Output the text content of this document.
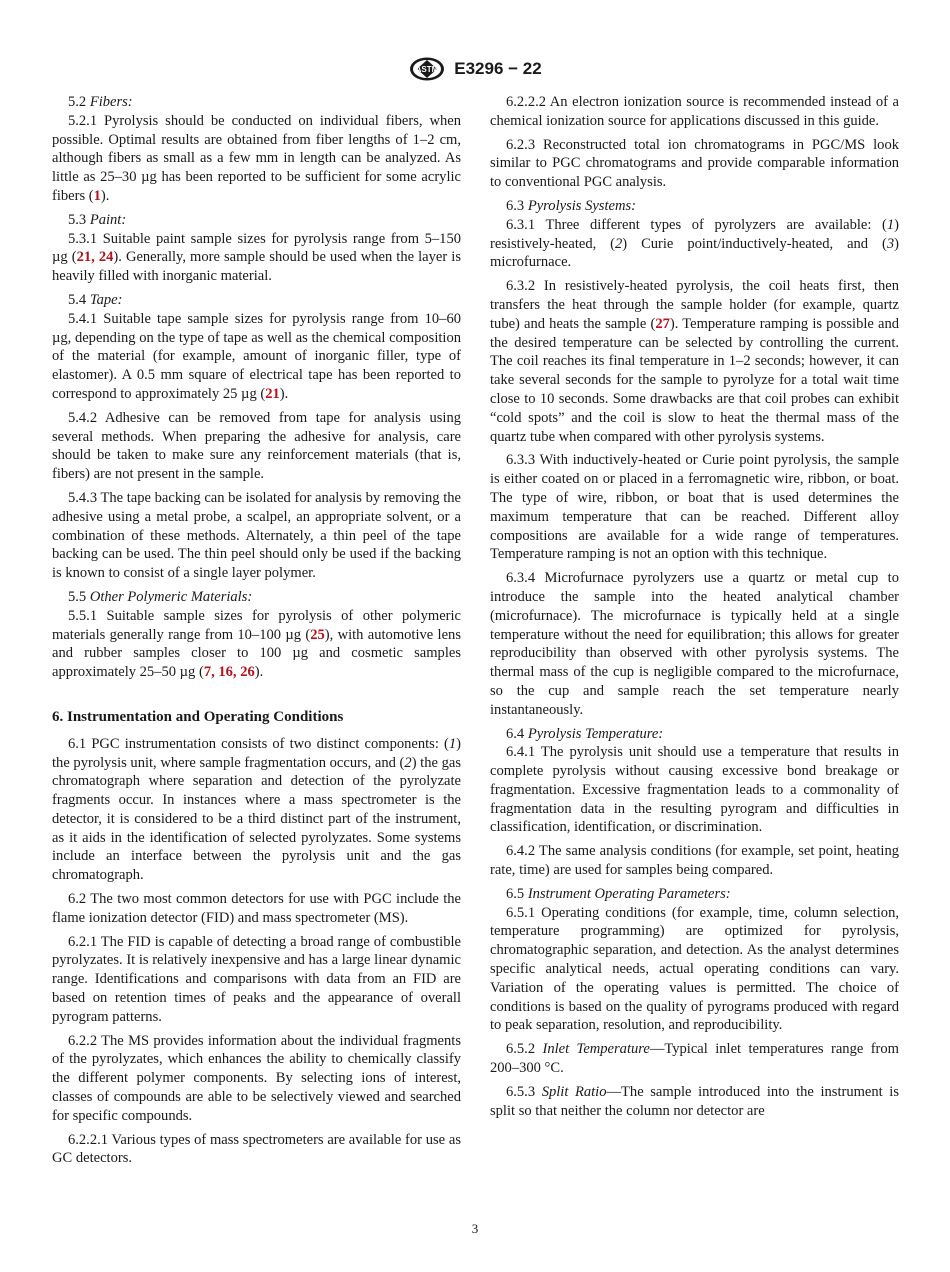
ASTM E3296 − 22

5.2 Fibers:

5.2.1 Pyrolysis should be conducted on individual fibers, when possible. Optimal results are obtained from fiber lengths of 1–2 cm, although fibers as small as a few mm in length can be analyzed. As little as 25–30 µg has been reported to be sufficient for some acrylic fibers (1).

5.3 Paint:

5.3.1 Suitable paint sample sizes for pyrolysis range from 5–150 µg (21, 24). Generally, more sample should be used when the layer is heavily filled with inorganic material.

5.4 Tape:

5.4.1 Suitable tape sample sizes for pyrolysis range from 10–60 µg, depending on the type of tape as well as the chemical composition of the material (for example, amount of inorganic filler, type of elastomer). A 0.5 mm square of electrical tape has been reported to correspond to approximately 25 µg (21).

5.4.2 Adhesive can be removed from tape for analysis using several methods. When preparing the adhesive for analysis, care should be taken to make sure any reinforcement materials (that is, fibers) are not present in the sample.

5.4.3 The tape backing can be isolated for analysis by removing the adhesive using a metal probe, a scalpel, an appropriate solvent, or a combination of these methods. Alternately, a thin peel of the tape backing can be used. The thin peel should only be used if the backing is known to consist of a single layer polymer.

5.5 Other Polymeric Materials:

5.5.1 Suitable sample sizes for pyrolysis of other polymeric materials generally range from 10–100 µg (25), with automotive lens and rubber samples closer to 100 µg and cosmetic samples approximately 25–50 µg (7, 16, 26).

6. Instrumentation and Operating Conditions

6.1 PGC instrumentation consists of two distinct components: (1) the pyrolysis unit, where sample fragmentation occurs, and (2) the gas chromatograph where separation and detection of the pyrolyzate fragments occur. In instances where a mass spectrometer is the detector, it is considered to be a third distinct part of the instrument, as it aids in the identification of selected pyrolyzates. Some systems include an interface between the pyrolysis unit and the gas chromatograph.

6.2 The two most common detectors for use with PGC include the flame ionization detector (FID) and mass spectrometer (MS).

6.2.1 The FID is capable of detecting a broad range of combustible pyrolyzates. It is relatively inexpensive and has a large linear dynamic range. Identifications and comparisons with data from an FID are based on retention times of peaks and the appearance of overall pyrogram patterns.

6.2.2 The MS provides information about the individual fragments of the pyrolyzates, which enhances the ability to chemically classify the different polymer components. By selecting ions of interest, classes of compounds are able to be selectively viewed and searched for specific compounds.

6.2.2.1 Various types of mass spectrometers are available for use as GC detectors.

6.2.2.2 An electron ionization source is recommended instead of a chemical ionization source for applications discussed in this guide.

6.2.3 Reconstructed total ion chromatograms in PGC/MS look similar to PGC chromatograms and provide comparable information to conventional PGC analysis.

6.3 Pyrolysis Systems:

6.3.1 Three different types of pyrolyzers are available: (1) resistively-heated, (2) Curie point/inductively-heated, and (3) microfurnace.

6.3.2 In resistively-heated pyrolysis, the coil heats first, then transfers the heat through the sample holder (for example, quartz tube) and heats the sample (27). Temperature ramping is possible and the desired temperature can be selected by controlling the current. The coil reaches its final temperature in 1–2 seconds; however, it can take several seconds for the sample to pyrolyze for a total wait time close to 10 seconds. Some drawbacks are that coil probes can exhibit “cold spots” and the coil is slow to heat the thermal mass of the quartz tube when compared with other pyrolysis systems.

6.3.3 With inductively-heated or Curie point pyrolysis, the sample is either coated on or placed in a ferromagnetic wire, ribbon, or boat. The type of wire, ribbon, or boat that is used determines the maximum temperature that can be reached. Different alloy compositions are available for a wide range of temperatures. Temperature ramping is not an option with this technique.

6.3.4 Microfurnace pyrolyzers use a quartz or metal cup to introduce the sample into the heated analytical chamber (microfurnace). The microfurnace is typically held at a single temperature without the need for equilibration; this allows for greater reproducibility than observed with other pyrolysis systems. The thermal mass of the cup is negligible compared to the microfurnace, so the cup and sample reach the set temperature nearly instantaneously.

6.4 Pyrolysis Temperature:

6.4.1 The pyrolysis unit should use a temperature that results in complete pyrolysis without causing excessive bond breakage or fragmentation. Excessive fragmentation leads to a commonality of fragmentation data in the resulting pyrogram and difficulties in classification, identification, or discrimination.

6.4.2 The same analysis conditions (for example, set point, heating rate, time) are used for samples being compared.

6.5 Instrument Operating Parameters:

6.5.1 Operating conditions (for example, time, column selection, temperature programming) are optimized for pyrolysis, chromatographic separation, and detection. As the analyst determines specific analytical needs, actual operating conditions can vary. Variation of the operating values is permitted. The choice of conditions is based on the quality of pyrograms produced with regard to peak separation, resolution, and reproducibility.

6.5.2 Inlet Temperature—Typical inlet temperatures range from 200–300 °C.

6.5.3 Split Ratio—The sample introduced into the instrument is split so that neither the column nor detector are

3
